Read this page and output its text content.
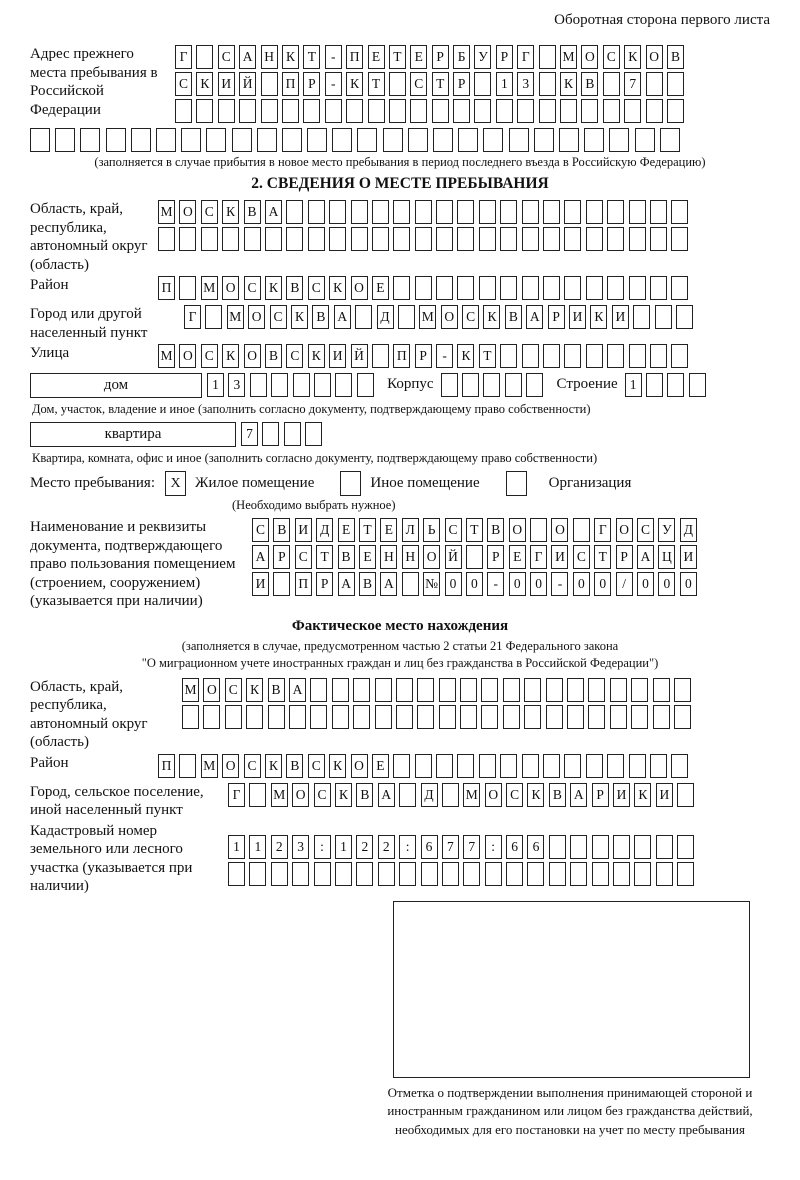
Оборотная сторона первого листа
Адрес прежнего места пребывания в Российской Федерации
Г	С А Н К Т	-	П Е Т Е	Р	Б У Р	Г	М О С К О В
С К И Й П Р	-	К Т	С Т	Р	1	3	К В	7
(заполняется в случае прибытия в новое место пребывания в период последнего въезда в Российскую Федерацию)
2. СВЕДЕНИЯ О МЕСТЕ ПРЕБЫВАНИЯ
Область, край, республика, автономный округ (область)
М О С К В А
Район	П М О С К В С К О Е
Город или другой населенный пункт
Г	М О С К В А Д М О С К В А Р И К И
Улица	М О С К О В С К И Й П Р	-	К Т
дом	1	3	Корпус	Строение 1
Дом, участок, владение и иное (заполнить согласно документу, подтверждающему право собственности)
квартира	7
Квартира, комната, офис и иное (заполнить согласно документу, подтверждающему право собственности)
Место пребывания:	X Жилое помещение	Иное помещение	Организация
(Необходимо выбрать нужное)
Наименование и реквизиты документа, подтверждающего право пользования помещением (строением, сооружением) (указывается при наличии)
С В И Д Е Т Е Л Ь С Т В О О	Г О С У Д
А Р С Т В Е Н Н О Й	Р	Е Г И С Т	Р А Ц И
И П Р А В А № 0	0	-	0	0	-	0	0	/	0	0	0
Фактическое место нахождения
(заполняется в случае, предусмотренном частью 2 статьи 21 Федерального закона
"О миграционном учете иностранных граждан и лиц без гражданства в Российской Федерации")
Область, край, республика, автономный округ (область)
М О С К В А
Район	П М О С К В С К О Е
Город, сельское поселение, иной населенный пункт
Г	М О С К В А Д М О С К В А Р И К И
Кадастровый номер земельного или лесного участка (указывается при наличии)
1	1	2	3	:	1	2	2	:	6	7	7	:	6	6
Отметка о подтверждении выполнения принимающей стороной и иностранным гражданином или лицом без гражданства действий, необходимых для его постановки на учет по месту пребывания
